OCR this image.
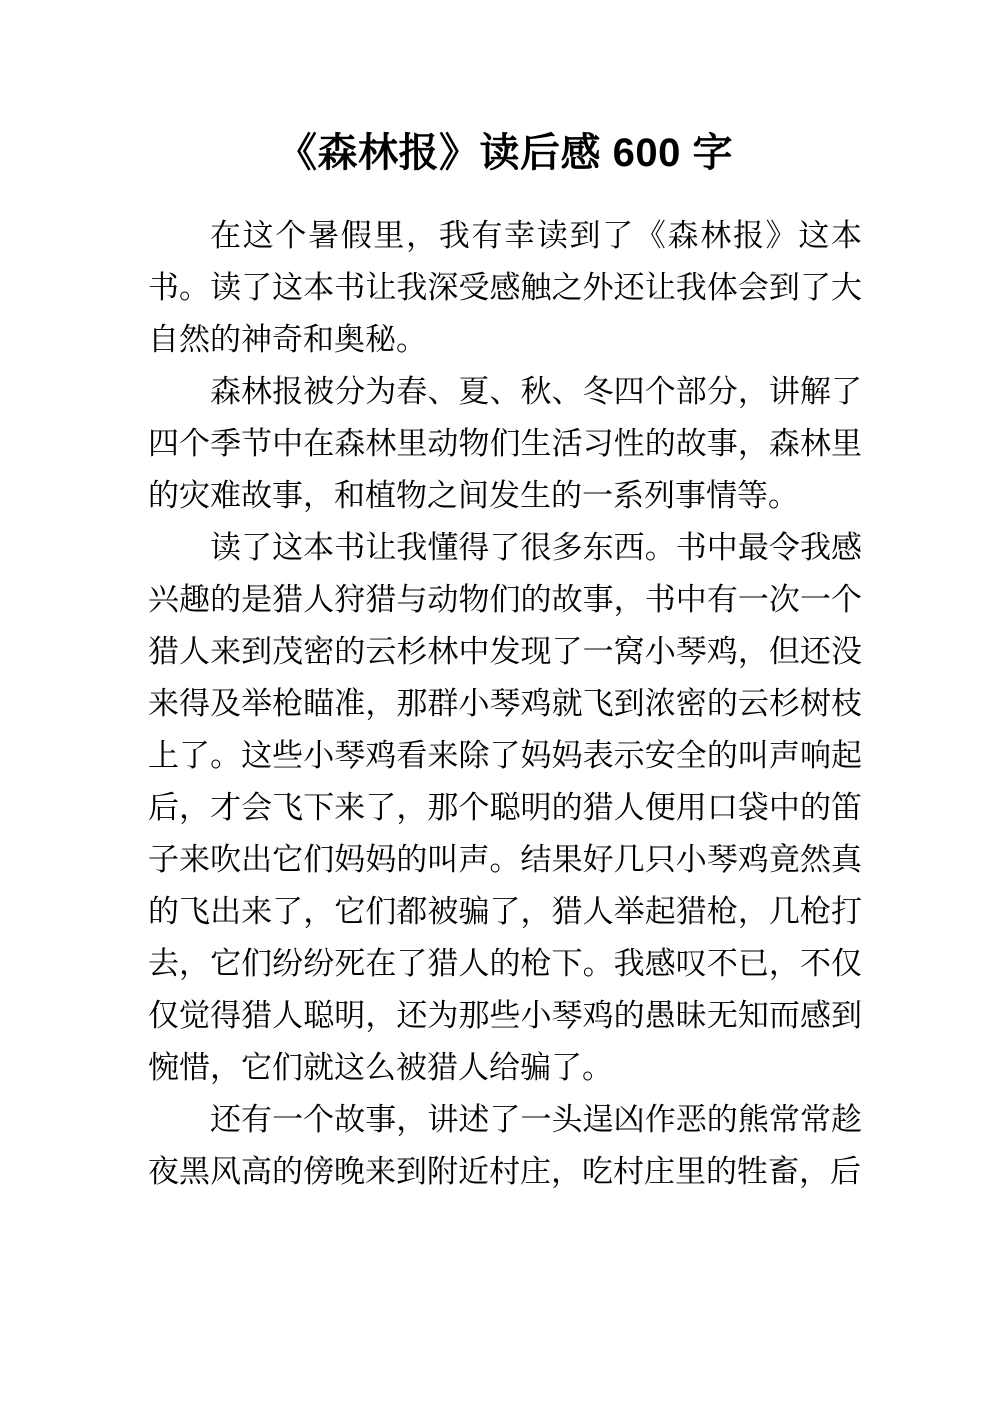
《森林报》读后感 600 字

在这个暑假里，我有幸读到了《森林报》这本书。读了这本书让我深受感触之外还让我体会到了大自然的神奇和奥秘。

森林报被分为春、夏、秋、冬四个部分，讲解了四个季节中在森林里动物们生活习性的故事，森林里的灾难故事，和植物之间发生的一系列事情等。

读了这本书让我懂得了很多东西。书中最令我感兴趣的是猎人狩猎与动物们的故事，书中有一次一个猎人来到茂密的云杉林中发现了一窝小琴鸡，但还没来得及举枪瞄准，那群小琴鸡就飞到浓密的云杉树枝上了。这些小琴鸡看来除了妈妈表示安全的叫声响起后，才会飞下来了，那个聪明的猎人便用口袋中的笛子来吹出它们妈妈的叫声。结果好几只小琴鸡竟然真的飞出来了，它们都被骗了，猎人举起猎枪，几枪打去，它们纷纷死在了猎人的枪下。我感叹不已，不仅仅觉得猎人聪明，还为那些小琴鸡的愚昧无知而感到惋惜，它们就这么被猎人给骗了。

还有一个故事，讲述了一头逞凶作恶的熊常常趁夜黑风高的傍晚来到附近村庄，吃村庄里的牲畜，后
